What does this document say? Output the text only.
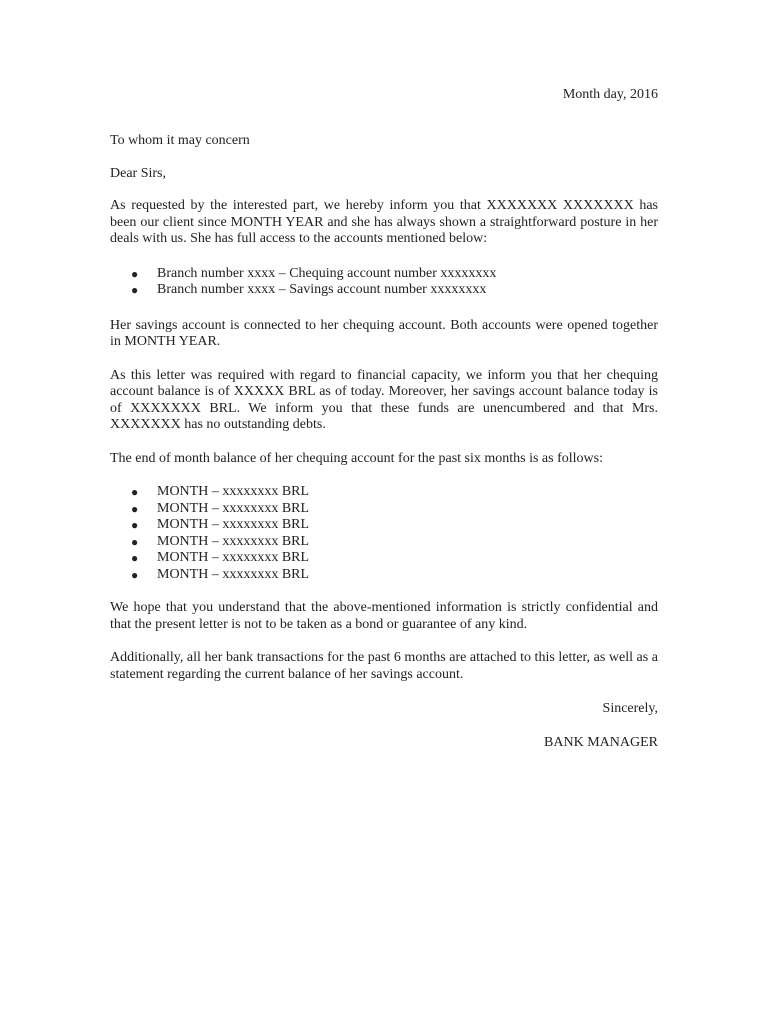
Month day, 2016

To whom it may concern

Dear Sirs,

As requested by the interested part, we hereby inform you that XXXXXXX XXXXXXX has been our client since MONTH YEAR and she has always shown a straightforward posture in her deals with us. She has full access to the accounts mentioned below:

● Branch number xxxx – Chequing account number xxxxxxxx
● Branch number xxxx – Savings account number xxxxxxxx

Her savings account is connected to her chequing account. Both accounts were opened together in MONTH YEAR.

As this letter was required with regard to financial capacity, we inform you that her chequing account balance is of XXXXX BRL as of today. Moreover, her savings account balance today is of XXXXXXX BRL. We inform you that these funds are unencumbered and that Mrs. XXXXXXX has no outstanding debts.

The end of month balance of her chequing account for the past six months is as follows:

● MONTH – xxxxxxxx BRL
● MONTH – xxxxxxxx BRL
● MONTH – xxxxxxxx BRL
● MONTH – xxxxxxxx BRL
● MONTH – xxxxxxxx BRL
● MONTH – xxxxxxxx BRL

We hope that you understand that the above-mentioned information is strictly confidential and that the present letter is not to be taken as a bond or guarantee of any kind.

Additionally, all her bank transactions for the past 6 months are attached to this letter, as well as a statement regarding the current balance of her savings account.

Sincerely,
BANK MANAGER
